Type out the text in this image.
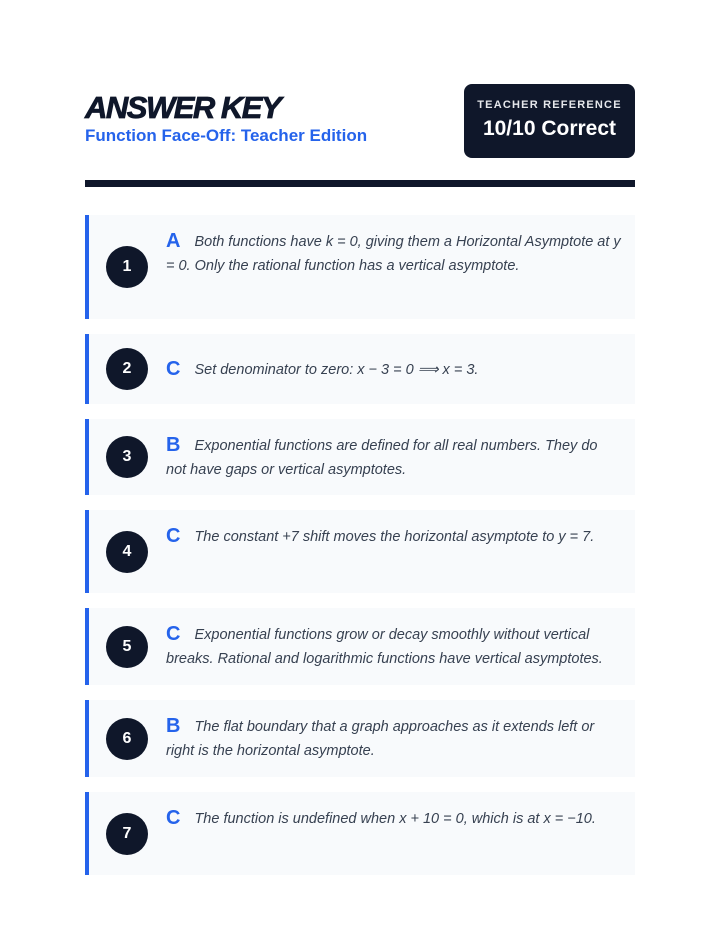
ANSWER KEY
Function Face-Off: Teacher Edition
TEACHER REFERENCE
10/10 Correct
1
A Both functions have k = 0, giving them a Horizontal Asymptote at y = 0. Only the rational function has a vertical asymptote.
2	C Set denominator to zero: x − 3 = 0 ⟹ x = 3.
3
B Exponential functions are defined for all real numbers. They do not have gaps or vertical asymptotes.
4
C The constant +7 shift moves the horizontal asymptote to y = 7.
5
C Exponential functions grow or decay smoothly without vertical breaks. Rational and logarithmic functions have vertical asymptotes.
6
B The flat boundary that a graph approaches as it extends left or right is the horizontal asymptote.
7
C The function is undefined when x + 10 = 0, which is at x = −10.
